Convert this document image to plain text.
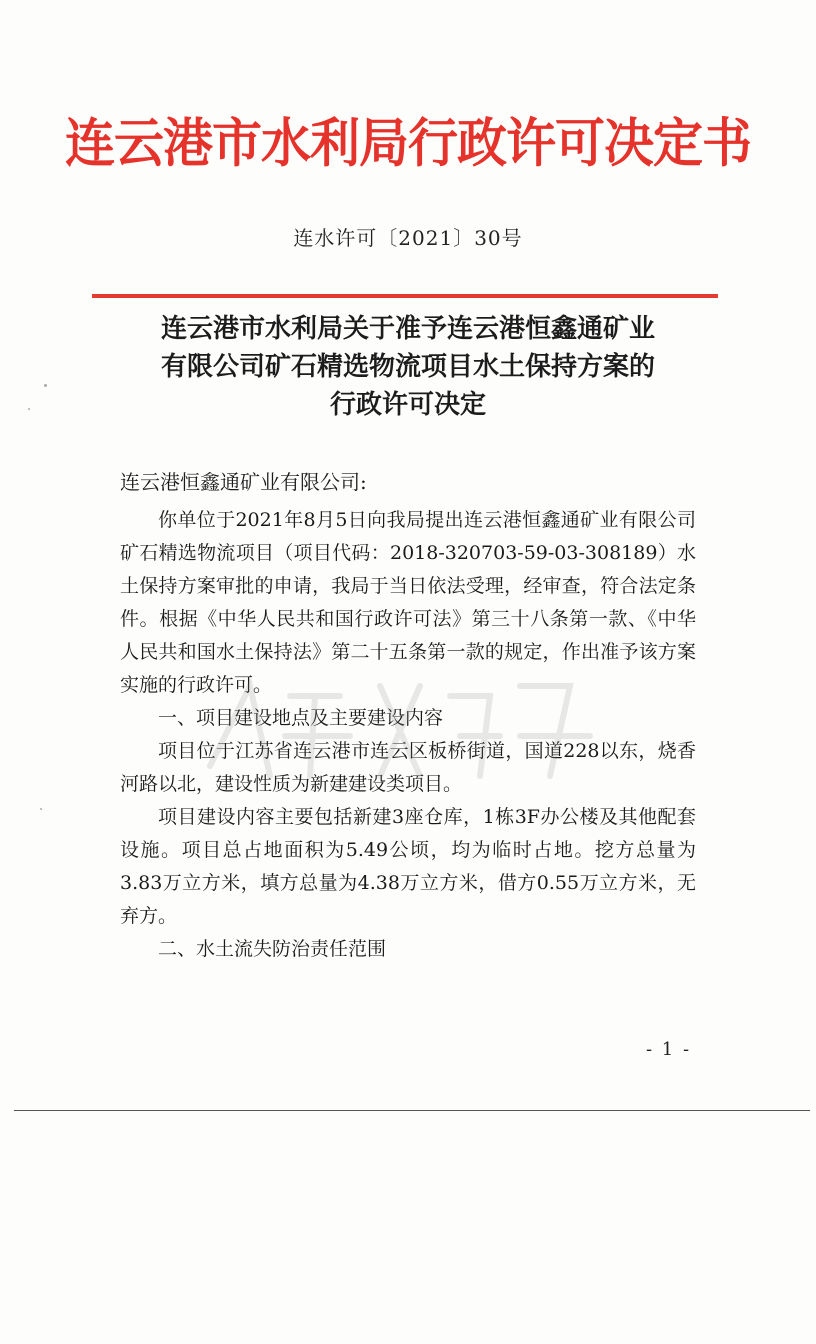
连云港市水利局行政许可决定书
连水许可〔2021〕30号
连云港市水利局关于准予连云港恒鑫通矿业
有限公司矿石精选物流项目水土保持方案的
行政许可决定
连云港恒鑫通矿业有限公司:

你单位于2021年8月5日向我局提出连云港恒鑫通矿业有限公司矿石精选物流项目（项目代码：2018-320703-59-03-308189）水土保持方案审批的申请，我局于当日依法受理，经审查，符合法定条件。根据《中华人民共和国行政许可法》第三十八条第一款、《中华人民共和国水土保持法》第二十五条第一款的规定，作出准予该方案实施的行政许可。

一、项目建设地点及主要建设内容

项目位于江苏省连云港市连云区板桥街道，国道228以东，烧香河路以北，建设性质为新建建设类项目。

项目建设内容主要包括新建3座仓库，1栋3F办公楼及其他配套设施。项目总占地面积为5.49公顷，均为临时占地。挖方总量为3.83万立方米，填方总量为4.38万立方米，借方0.55万立方米，无弃方。

二、水土流失防治责任范围

- 1 -
